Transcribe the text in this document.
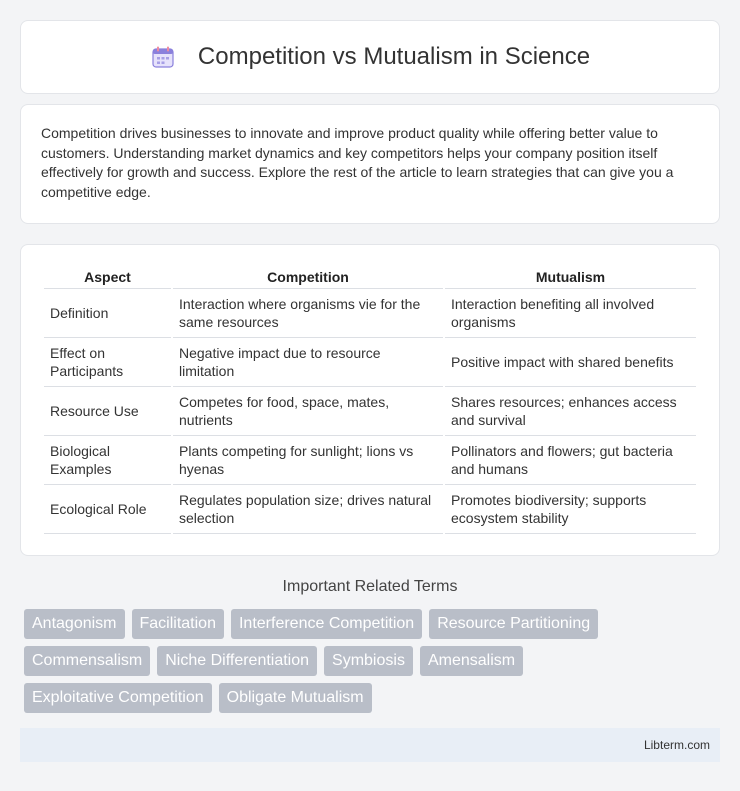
Competition vs Mutualism in Science

Competition drives businesses to innovate and improve product quality while offering better value to customers. Understanding market dynamics and key competitors helps your company position itself effectively for growth and success. Explore the rest of the article to learn strategies that can give you a competitive edge.

Aspect	Competition	Mutualism
Definition	Interaction where organisms vie for the same resources	Interaction benefiting all involved organisms
Effect on Participants	Negative impact due to resource limitation	Positive impact with shared benefits
Resource Use	Competes for food, space, mates, nutrients	Shares resources; enhances access and survival
Biological Examples	Plants competing for sunlight; lions vs hyenas	Pollinators and flowers; gut bacteria and humans
Ecological Role	Regulates population size; drives natural selection	Promotes biodiversity; supports ecosystem stability
Important Related Terms
Antagonism	Facilitation	Interference Competition	Resource Partitioning
Commensalism	Niche Differentiation	Symbiosis	Amensalism
Exploitative Competition	Obligate Mutualism
Libterm.com
